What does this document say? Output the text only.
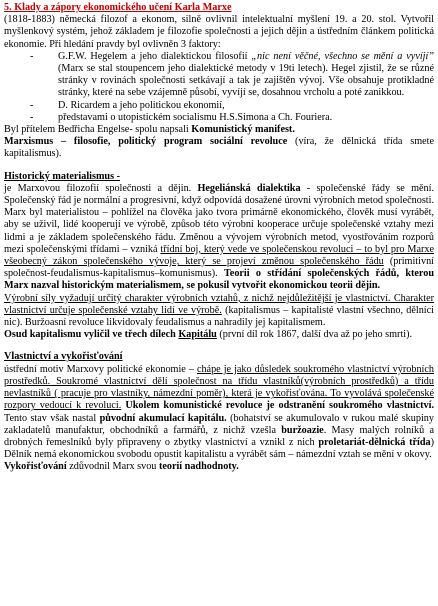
5. Klady a zápory ekonomického učení Karla Marxe

(1818-1883) německá filozof a ekonom, silně ovlivnil intelektualní myšlení 19. a 20. stol. Vytvořil myšlenkový systém, jehož základem je filozofie společnosti a jejich dějin a ústředním článkem politická ekonomie. Při hledání pravdy byl ovlivněn 3 faktory:

- G.F.W. Hegelem a jeho dialektickou filosofií „nic není věčné, všechno se mění a vyvíjí” (Marx se stal stoupencem jeho dialektické metody v 19ti letech). Hegel zjistil, že se různé stránky v rovinách společnosti setkávají a tak je zajištěn vývoj. Vše obsahuje protikladné stránky, které na sebe vzájemně působí, vyvíjí se, dosahnou vrcholu a poté zanikkou.
- D. Ricardem a jeho politickou ekonomií,
- představami o utopistickém socialismu H.S.Simona a Ch. Fouriera.

Byl přítelem Bedřicha Engelse- spolu napsali Komunistický manifest.

Marxismus – filosofie, politický program sociální revoluce (víra, že dělnická třída smete kapitalismus).

Historický materialismus -

je Marxovou filozofií společnosti a dějin. Hegeliánská dialektika - společenské řády se mění. Společenský řád je normální a progresivní, když odpovídá dosažené úrovni výrobních metod společnosti. Marx byl materialistou – pohlížel na člověka jako tvora primárně ekonomického, člověk musí vyrábět, aby se uživil, lidé kooperují ve výrobě, způsob této výrobní kooperace určuje společenské vztahy mezi lidmi a je základem společenského řádu. Změnou a vývojem výrobních metod, vyostřováním rozporů mezi společenskými třídami – vzniká třídní boj, který vede ve společenskou revoluci – to byl pro Marxe všeobecný zákon společenského vývoje, který se projeví změnou společenského řádu (primitivní společnost-feudalismus-kapitalismus–komunismus). Teorii o střídání společenských řádů, kterou Marx nazval historickým materialismem, se pokusil vytvořit ekonomickou teorii dějin.

Výrobní síly vyžadují určitý charakter výrobních vztahů, z nichž nejdůležitější je vlastnictví. Charakter vlastnictví určuje společenské vztahy lidí ve výrobě. (kapitalismus – kapitalisté vlastní všechno, dělníci nic). Buržoasní revoluce likvidovaly feudalismus a nahradily jej kapitalismem.

Osud kapitalismu vyličil ve třech dílech Kapitálu (první díl rok 1867, další dva až po jeho smrti).

Vlastnictví a vykořisťování

ústřední motiv Marxovy politické ekonomie – chápe je jako důsledek soukromého vlastnictví výrobních prostředků. Soukromé vlastnictví dělí společnost na třídu vlastníků(výrobních prostředků) a třídu nevlastníků ( pracuje pro vlastníky, námezdní poměr), která je vykořisťována. To vyvolává společenské rozpory vedoucí k revoluci. Ukolem komunistické revoluce je odstranění soukromého vlastnictví. Tento stav však nastal původní akumulací kapitálu. (bohatství se akumulovalo v rukou malé skupiny zakladatelů manufaktur, obchodníků a farmářů, z nichž vzešla buržoazie. Masy malých rolníků a drobných řemeslníků byly připraveny o zbytky vlastnictví a vznikl z nich proletariát-dělnická třída) Dělník nemá ekonomickou svobodu opustit kapitalistu a vyrábět sám – námezdní vztah se mění v okovy.

Vykořisťování zdůvodnil Marx svou teorií nadhodnoty.
